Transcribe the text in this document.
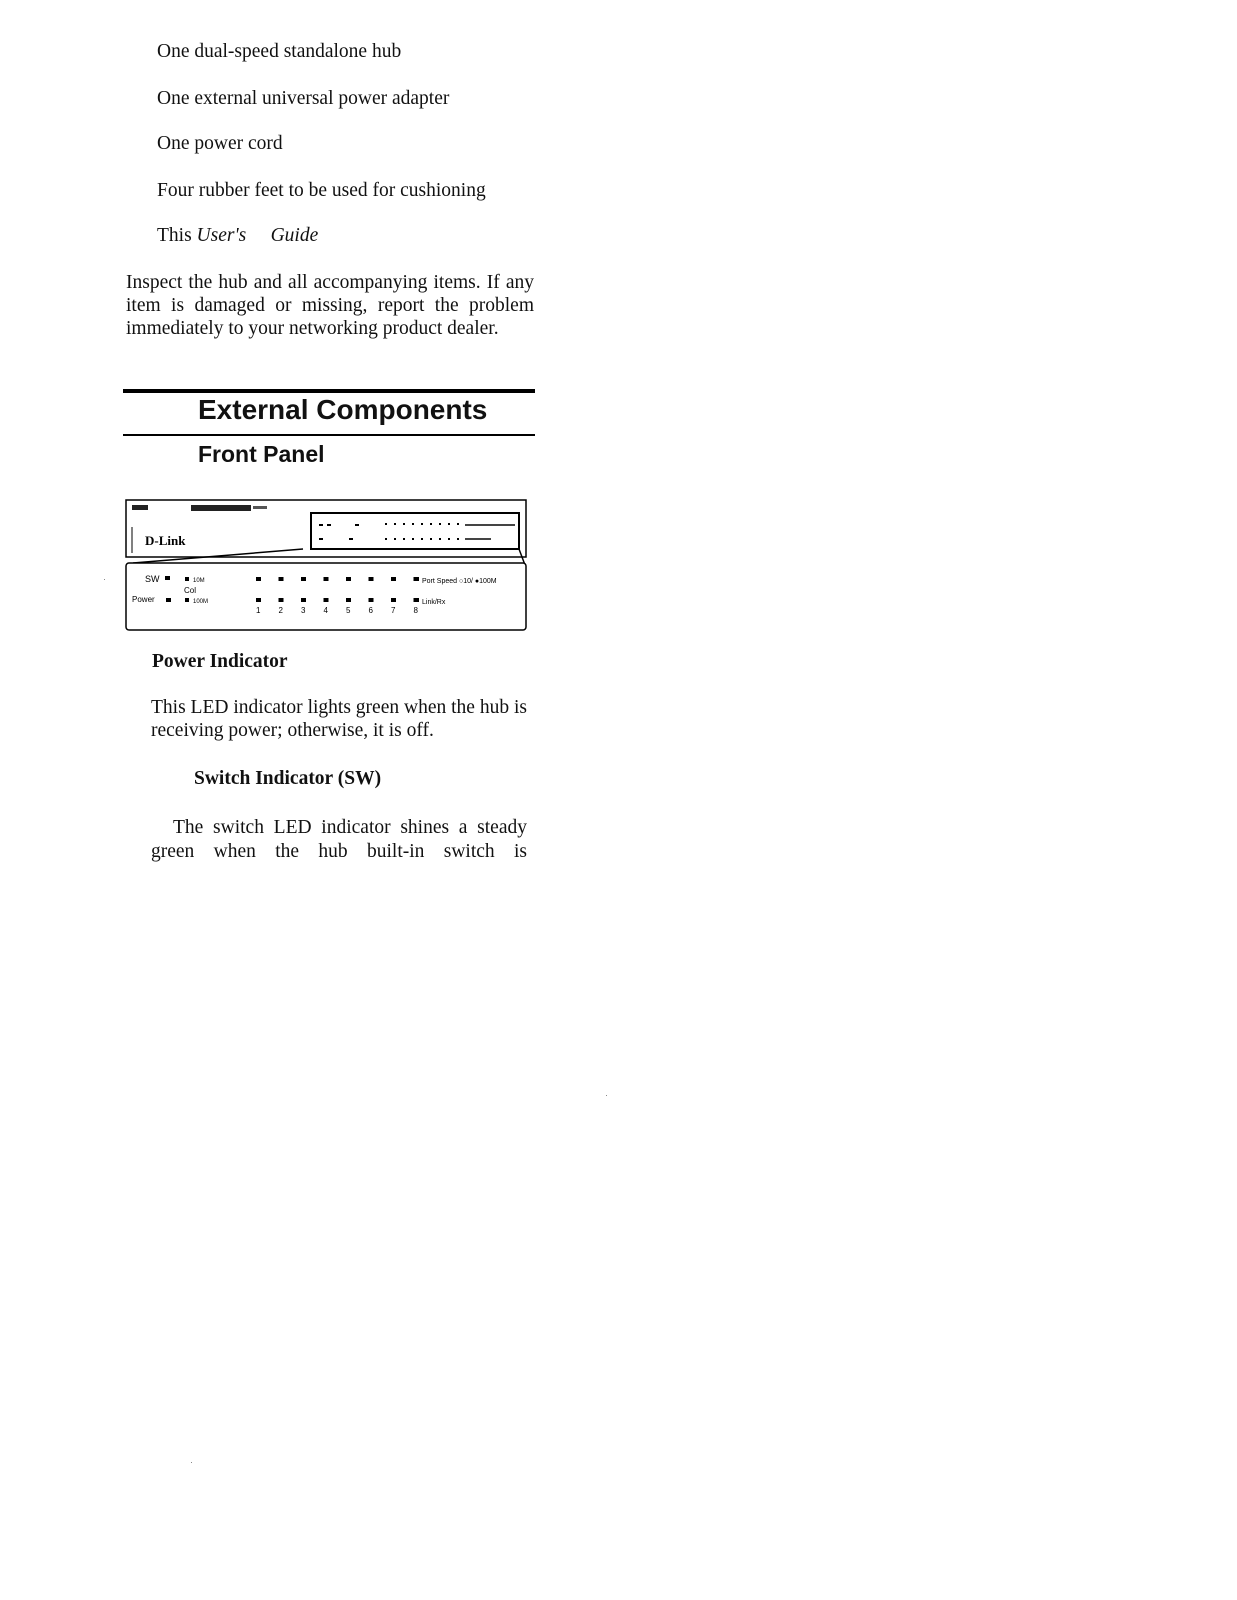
One dual-speed standalone hub
One external universal power adapter
One power cord
Four rubber feet to be used for cushioning
This User's     Guide
Inspect the hub and all accompanying items. If any item is damaged or missing, report the problem immediately to your networking product dealer.
External Components
Front Panel
D-Link
SW
Power
10M
Col
100M
1 2 3 4 5 6 7 8
Port Speed ○10/ ●100M
Link/Rx
Power Indicator
This LED indicator lights green when the hub is receiving power; otherwise, it is off.
Switch Indicator (SW)
The switch LED indicator shines a steady
green when the hub built-in switch is
